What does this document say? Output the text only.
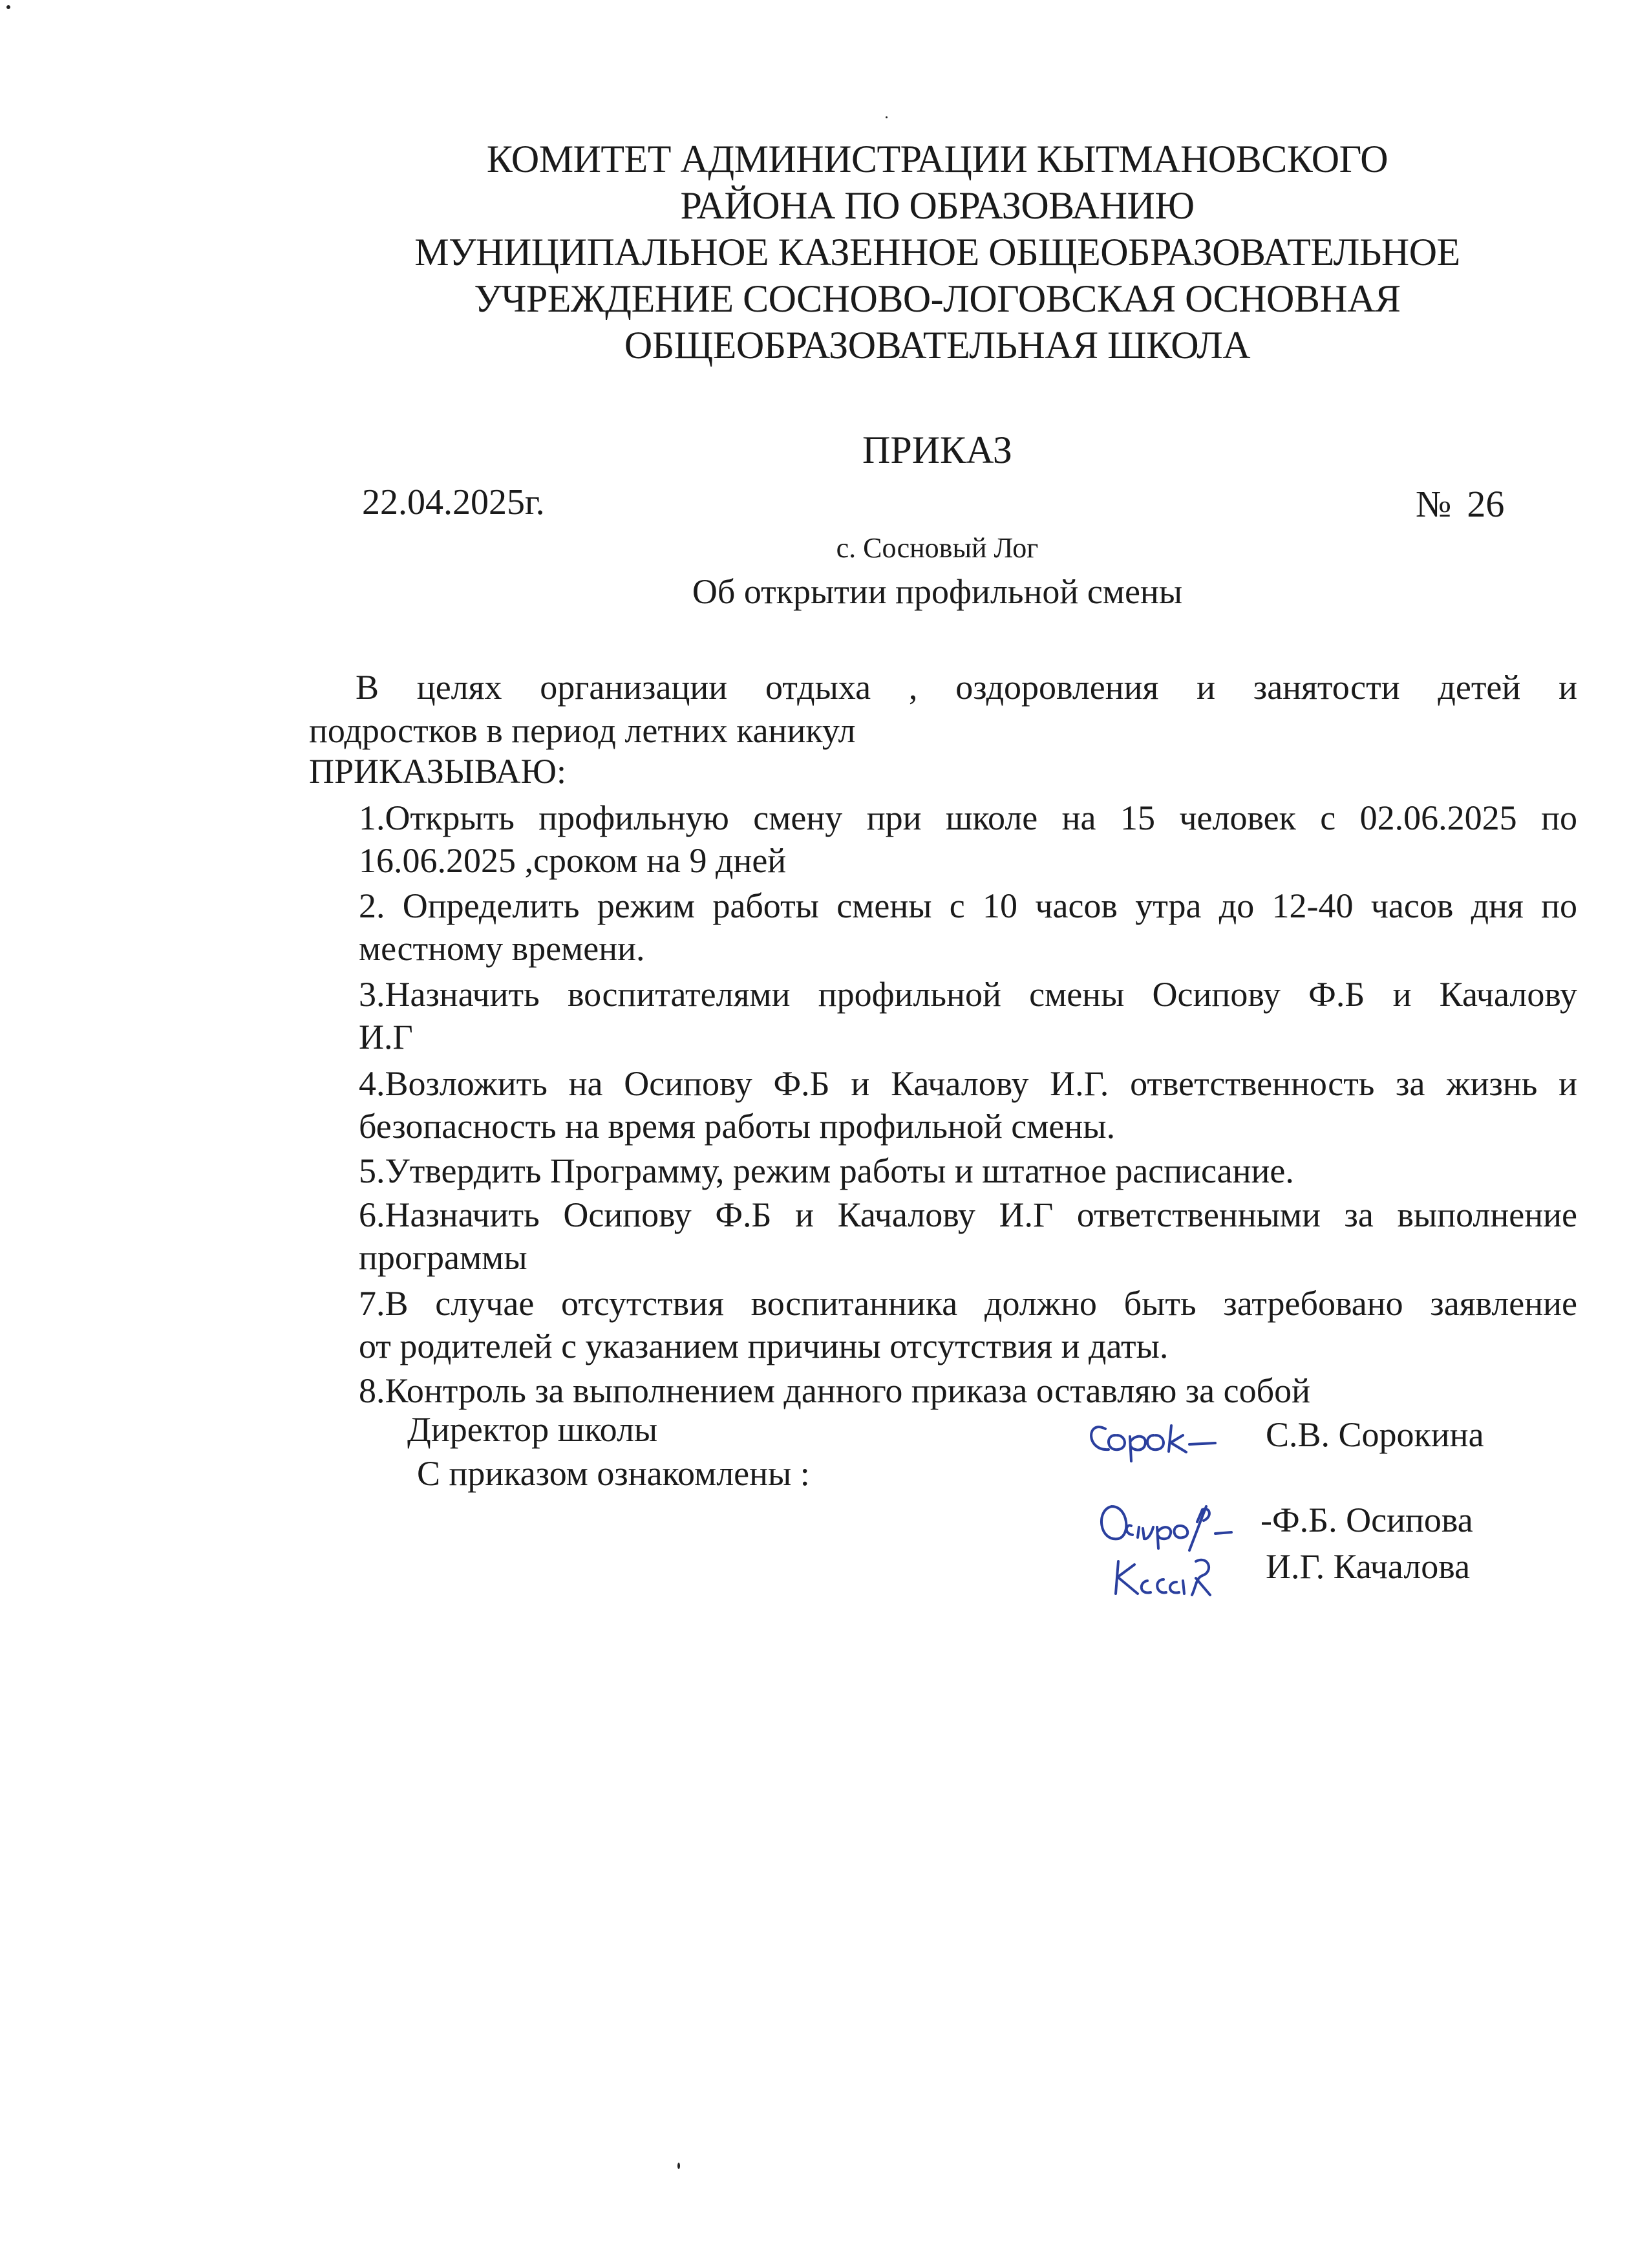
КОМИТЕТ АДМИНИСТРАЦИИ КЫТМАНОВСКОГО
РАЙОНА ПО ОБРАЗОВАНИЮ
МУНИЦИПАЛЬНОЕ КАЗЕННОЕ ОБЩЕОБРАЗОВАТЕЛЬНОЕ
УЧРЕЖДЕНИЕ СОСНОВО-ЛОГОВСКАЯ ОСНОВНАЯ
ОБЩЕОБРАЗОВАТЕЛЬНАЯ ШКОЛА
ПРИКАЗ
22.04.2025г.	№ 26
с. Сосновый Лог
Об открытии профильной смены
В целях организации отдыха , оздоровления и занятости детей и
подростков в период летних каникул
ПРИКАЗЫВАЮ:
1.Открыть профильную смену при школе на 15 человек с 02.06.2025 по
16.06.2025 ,сроком на 9 дней
2. Определить режим работы смены с 10 часов утра до 12-40 часов дня по
местному времени.
3.Назначить воспитателями профильной смены Осипову Ф.Б и Качалову
И.Г
4.Возложить на Осипову Ф.Б и Качалову И.Г. ответственность за жизнь и
безопасность на время работы профильной смены.
5.Утвердить Программу, режим работы и штатное расписание.
6.Назначить Осипову Ф.Б и Качалову И.Г ответственными за выполнение
программы
7.В случае отсутствия воспитанника должно быть затребовано заявление
от родителей с указанием причины отсутствия и даты.
8.Контроль за выполнением данного приказа оставляю за собой
Директор школы	С.В. Сорокина
С приказом ознакомлены :
-Ф.Б. Осипова
И.Г. Качалова
